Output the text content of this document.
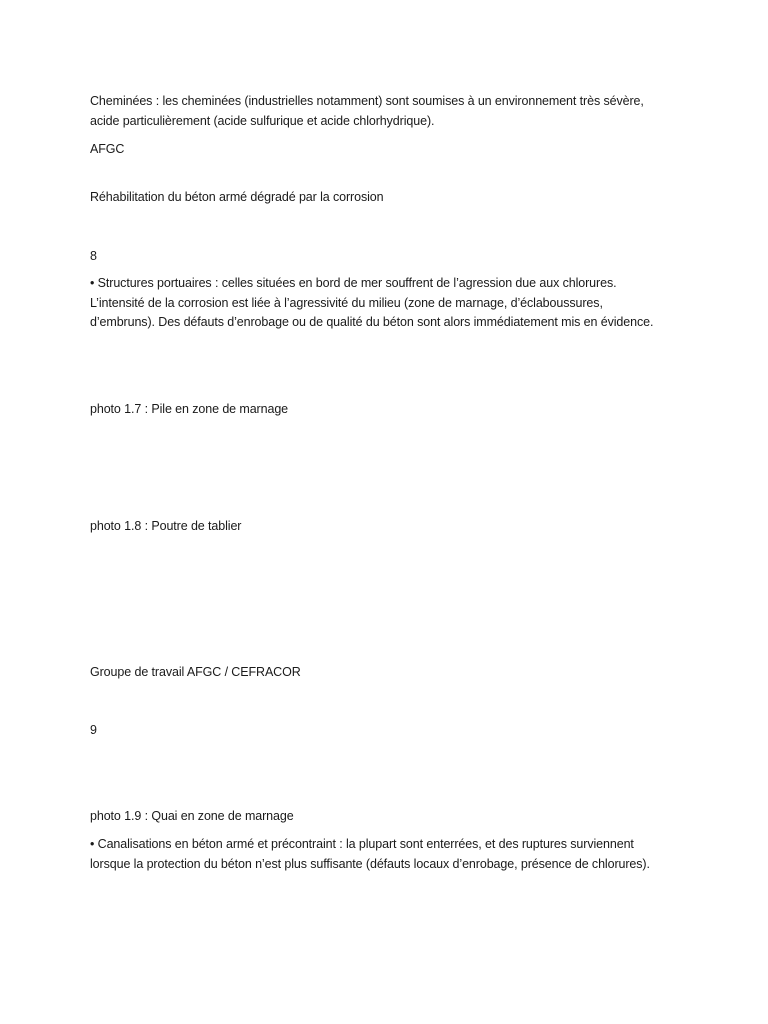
Cheminées : les cheminées (industrielles notamment) sont soumises à un environnement très sévère,
acide particulièrement (acide sulfurique et acide chlorhydrique).
AFGC
Réhabilitation du béton armé dégradé par la corrosion
8
• Structures portuaires : celles situées en bord de mer souffrent de l’agression due aux chlorures.
L’intensité de la corrosion est liée à l’agressivité du milieu (zone de marnage, d’éclaboussures,
d’embruns). Des défauts d’enrobage ou de qualité du béton sont alors immédiatement mis en évidence.
photo 1.7 : Pile en zone de marnage
photo 1.8 : Poutre de tablier
Groupe de travail AFGC / CEFRACOR
9
photo 1.9 : Quai en zone de marnage
• Canalisations en béton armé et précontraint : la plupart sont enterrées, et des ruptures surviennent
lorsque la protection du béton n’est plus suffisante (défauts locaux d’enrobage, présence de chlorures).
